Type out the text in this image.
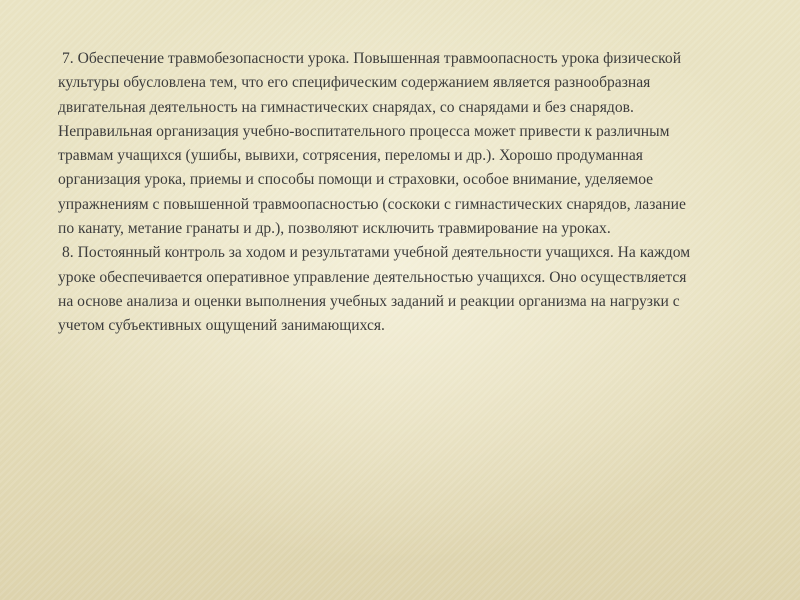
7. Обеспечение травмобезопасности урока. Повышенная травмоопасность урока физической культуры обусловлена тем, что его специфическим содержанием является разнообразная двигательная деятельность на гимнастических снарядах, со снарядами и без снарядов. Неправильная организация учебно-воспитательного процесса может привести к различным травмам учащихся (ушибы, вывихи, сотрясения, переломы и др.). Хорошо продуманная организация урока, приемы и способы помощи и страховки, особое внимание, уделяемое упражнениям с повышенной травмоопасностью (соскоки с гимнастических снарядов, лазание по канату, метание гранаты и др.), позволяют исключить травмирование на уроках.

8. Постоянный контроль за ходом и результатами учебной деятельности учащихся. На каждом уроке обеспечивается оперативное управление деятельностью учащихся. Оно осуществляется на основе анализа и оценки выполнения учебных заданий и реакции организма на нагрузки с учетом субъективных ощущений занимающихся.
